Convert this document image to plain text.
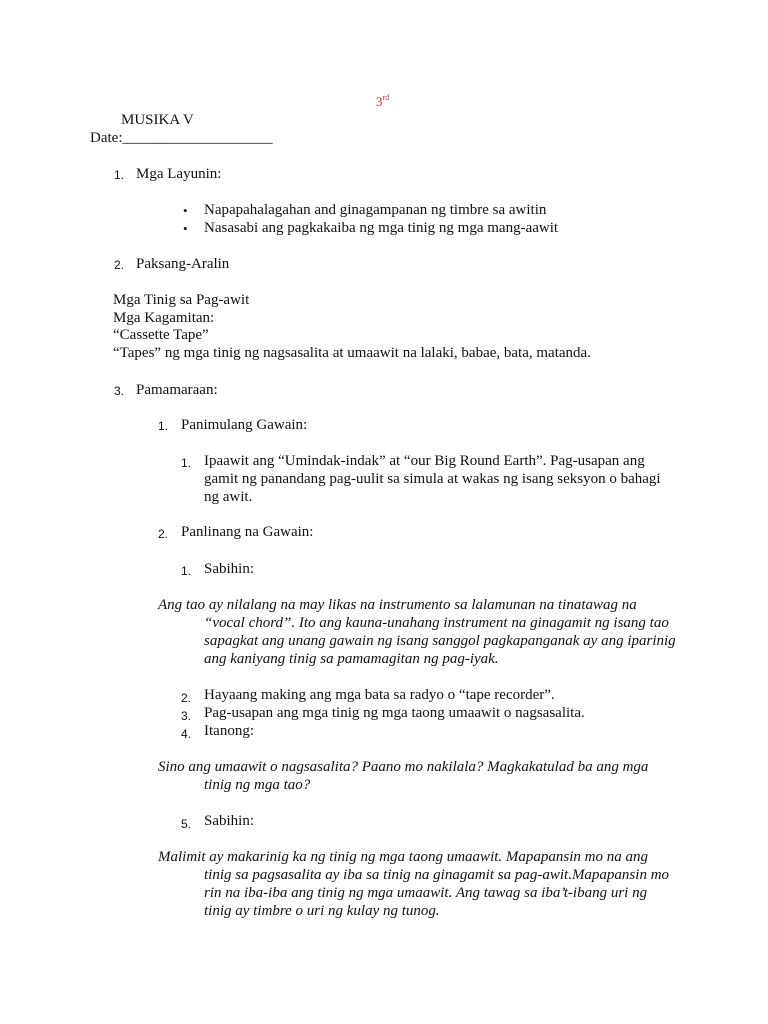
3rd
MUSIKA V
Date:____________________
1. Mga Layunin:
• Napapahalagahan and ginagampanan ng timbre sa awitin
• Nasasabi ang pagkakaiba ng mga tinig ng mga mang-aawit
2. Paksang-Aralin
Mga Tinig sa Pag-awit
Mga Kagamitan:
“Cassette Tape”
“Tapes” ng mga tinig ng nagsasalita at umaawit na lalaki, babae, bata, matanda.
3. Pamamaraan:
1. Panimulang Gawain:
1. Ipaawit ang “Umindak-indak” at “our Big Round Earth”. Pag-usapan ang
gamit ng panandang pag-uulit sa simula at wakas ng isang seksyon o bahagi
ng awit.
2. Panlinang na Gawain:
1. Sabihin:
Ang tao ay nilalang na may likas na instrumento sa lalamunan na tinatawag na
“vocal chord”. Ito ang kauna-unahang instrument na ginagamit ng isang tao
sapagkat ang unang gawain ng isang sanggol pagkapanganak ay ang iparinig
ang kaniyang tinig sa pamamagitan ng pag-iyak.
2. Hayaang making ang mga bata sa radyo o “tape recorder”.
3. Pag-usapan ang mga tinig ng mga taong umaawit o nagsasalita.
4. Itanong:
Sino ang umaawit o nagsasalita? Paano mo nakilala? Magkakatulad ba ang mga
tinig ng mga tao?
5. Sabihin:
Malimit ay makarinig ka ng tinig ng mga taong umaawit. Mapapansin mo na ang
tinig sa pagsasalita ay iba sa tinig na ginagamit sa pag-awit.Mapapansin mo
rin na iba-iba ang tinig ng mga umaawit. Ang tawag sa iba’t-ibang uri ng
tinig ay timbre o uri ng kulay ng tunog.
